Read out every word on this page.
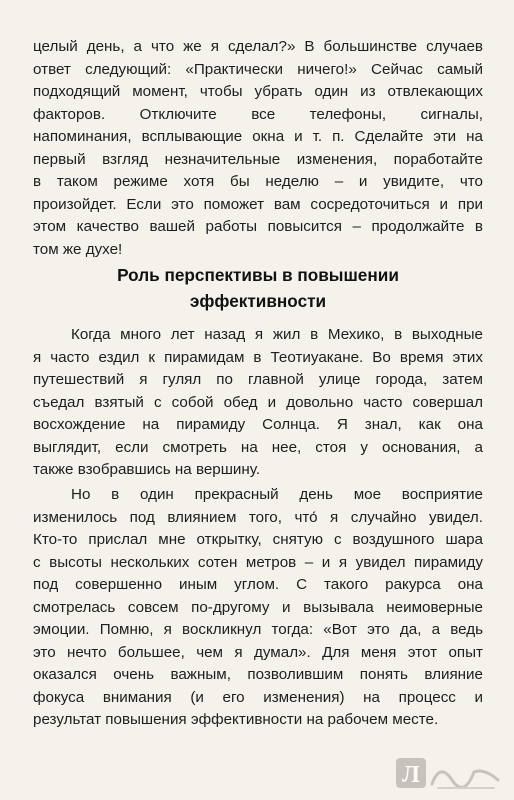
целый день, а что же я сделал?» В большинстве случаев
ответ следующий: «Практически ничего!» Сейчас самый
подходящий момент, чтобы убрать один из отвлекающих
факторов. Отключите все телефоны, сигналы,
напоминания, всплывающие окна и т. п. Сделайте эти на
первый взгляд незначительные изменения, поработайте
в таком режиме хотя бы неделю – и увидите, что
произойдет. Если это поможет вам сосредоточиться и при
этом качество вашей работы повысится – продолжайте в
том же духе!
Роль перспективы в повышении
эффективности
Когда много лет назад я жил в Мехико, в выходные
я часто ездил к пирамидам в Теотиуакане. Во время этих
путешествий я гулял по главной улице города, затем
съедал взятый с собой обед и довольно часто совершал
восхождение на пирамиду Солнца. Я знал, как она
выглядит, если смотреть на нее, стоя у основания, а
также взобравшись на вершину.
Но в один прекрасный день мое восприятие
изменилось под влиянием того, что́ я случайно увидел.
Кто-то прислал мне открытку, снятую с воздушного шара
с высоты нескольких сотен метров – и я увидел пирамиду
под совершенно иным углом. С такого ракурса она
смотрелась совсем по-другому и вызывала неимоверные
эмоции. Помню, я воскликнул тогда: «Вот это да, а ведь
это нечто большее, чем я думал». Для меня этот опыт
оказался очень важным, позволившим понять влияние
фокуса внимания (и его изменения) на процесс и
результат повышения эффективности на рабочем месте.
Л
